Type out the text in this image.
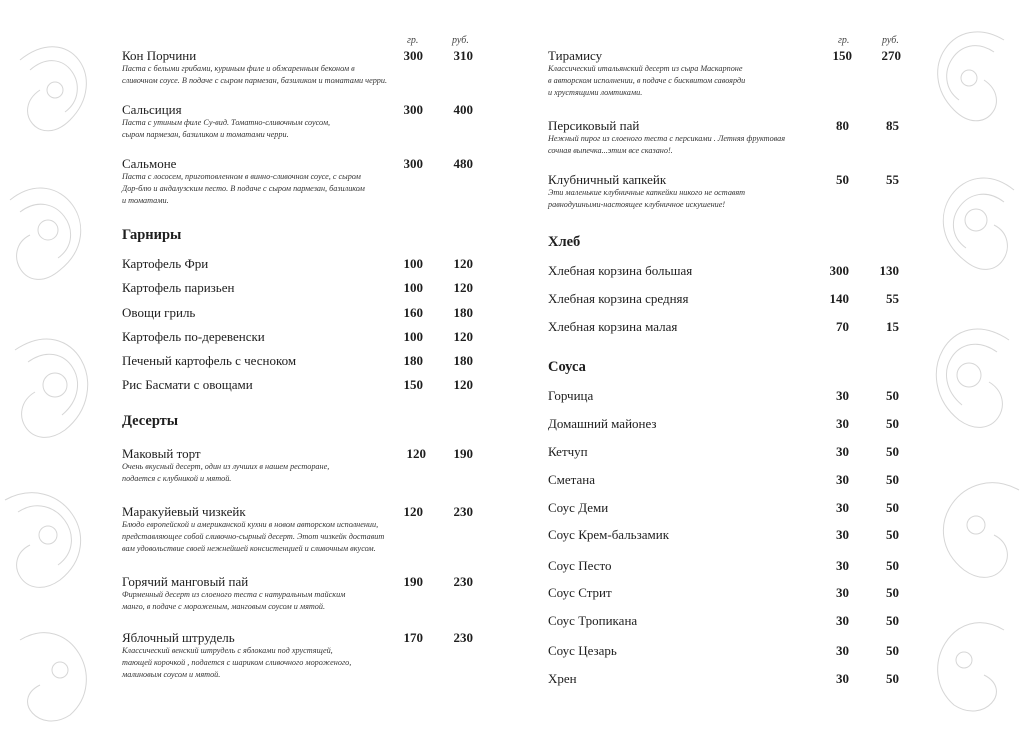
гр.	руб.
Кон Порчини	300	310
Паста с белыми грибами, куриным филе и обжаренным беконом в
сливочном соусе. В подаче с сыром пармезан, базиликом и томатами черри.
Сальсиция	300	400
Паста с утиным филе Су-вид. Томатно-сливочным соусом,
сыром пармезан, базиликом и томатами черри.
Сальмоне	300	480
Паста с лососем, приготовленном в винно-сливочном соусе, с сыром
Дор-блю и андалузским песто. В подаче с сыром пармезан, базиликом
и томатами.
Гарниры
Картофель Фри	100	120
Картофель паризьен	100	120
Овощи гриль	160	180
Картофель по-деревенски	100	120
Печеный картофель с чесноком	180	180
Рис Басмати с овощами	150	120
Десерты
Маковый торт	120	190
Очень вкусный десерт, один из лучших в нашем ресторане,
подается с клубникой и мятой.
Маракуйевый чизкейк	120	230
Блюдо европейской и американской кухни в новом авторском исполнении,
представляющее собой сливочно-сырный десерт. Этот чизкейк доставит
вам удовольствие своей нежнейшей консистенцией и сливочным вкусом.
Горячий манговый пай	190	230
Фирменный десерт из слоеного теста с натуральным тайским
манго, в подаче с мороженым, манговым соусом и мятой.
Яблочный штрудель	170	230
Классический венский штрудель с яблоками под хрустящей,
тающей корочкой , подается с шариком сливочного мороженого,
малиновым соусом и мятой.
гр.	руб.
Тирамису	150	270
Классический итальянский десерт из сыра Маскарпоне
в авторском исполнении, в подаче с бисквитом савоярди
и хрустящими ломтиками.
Персиковый пай	80	85
Нежный пирог из слоеного теста с персиками . Летняя фруктовая
сочная выпечка...этим все сказано!.
Клубничный капкейк	50	55
Эти маленькие клубничные капкейки никого не оставят
равнодушными-настоящее клубничное искушение!
Хлеб
Хлебная корзина большая	300	130
Хлебная корзина средняя	140	55
Хлебная корзина малая	70	15
Соуса
Горчица	30	50
Домашний майонез	30	50
Кетчуп	30	50
Сметана	30	50
Соус Деми	30	50
Соус Крем-бальзамик	30	50
Соус Песто	30	50
Соус Стрит	30	50
Соус Тропикана	30	50
Соус Цезарь	30	50
Хрен	30	50
